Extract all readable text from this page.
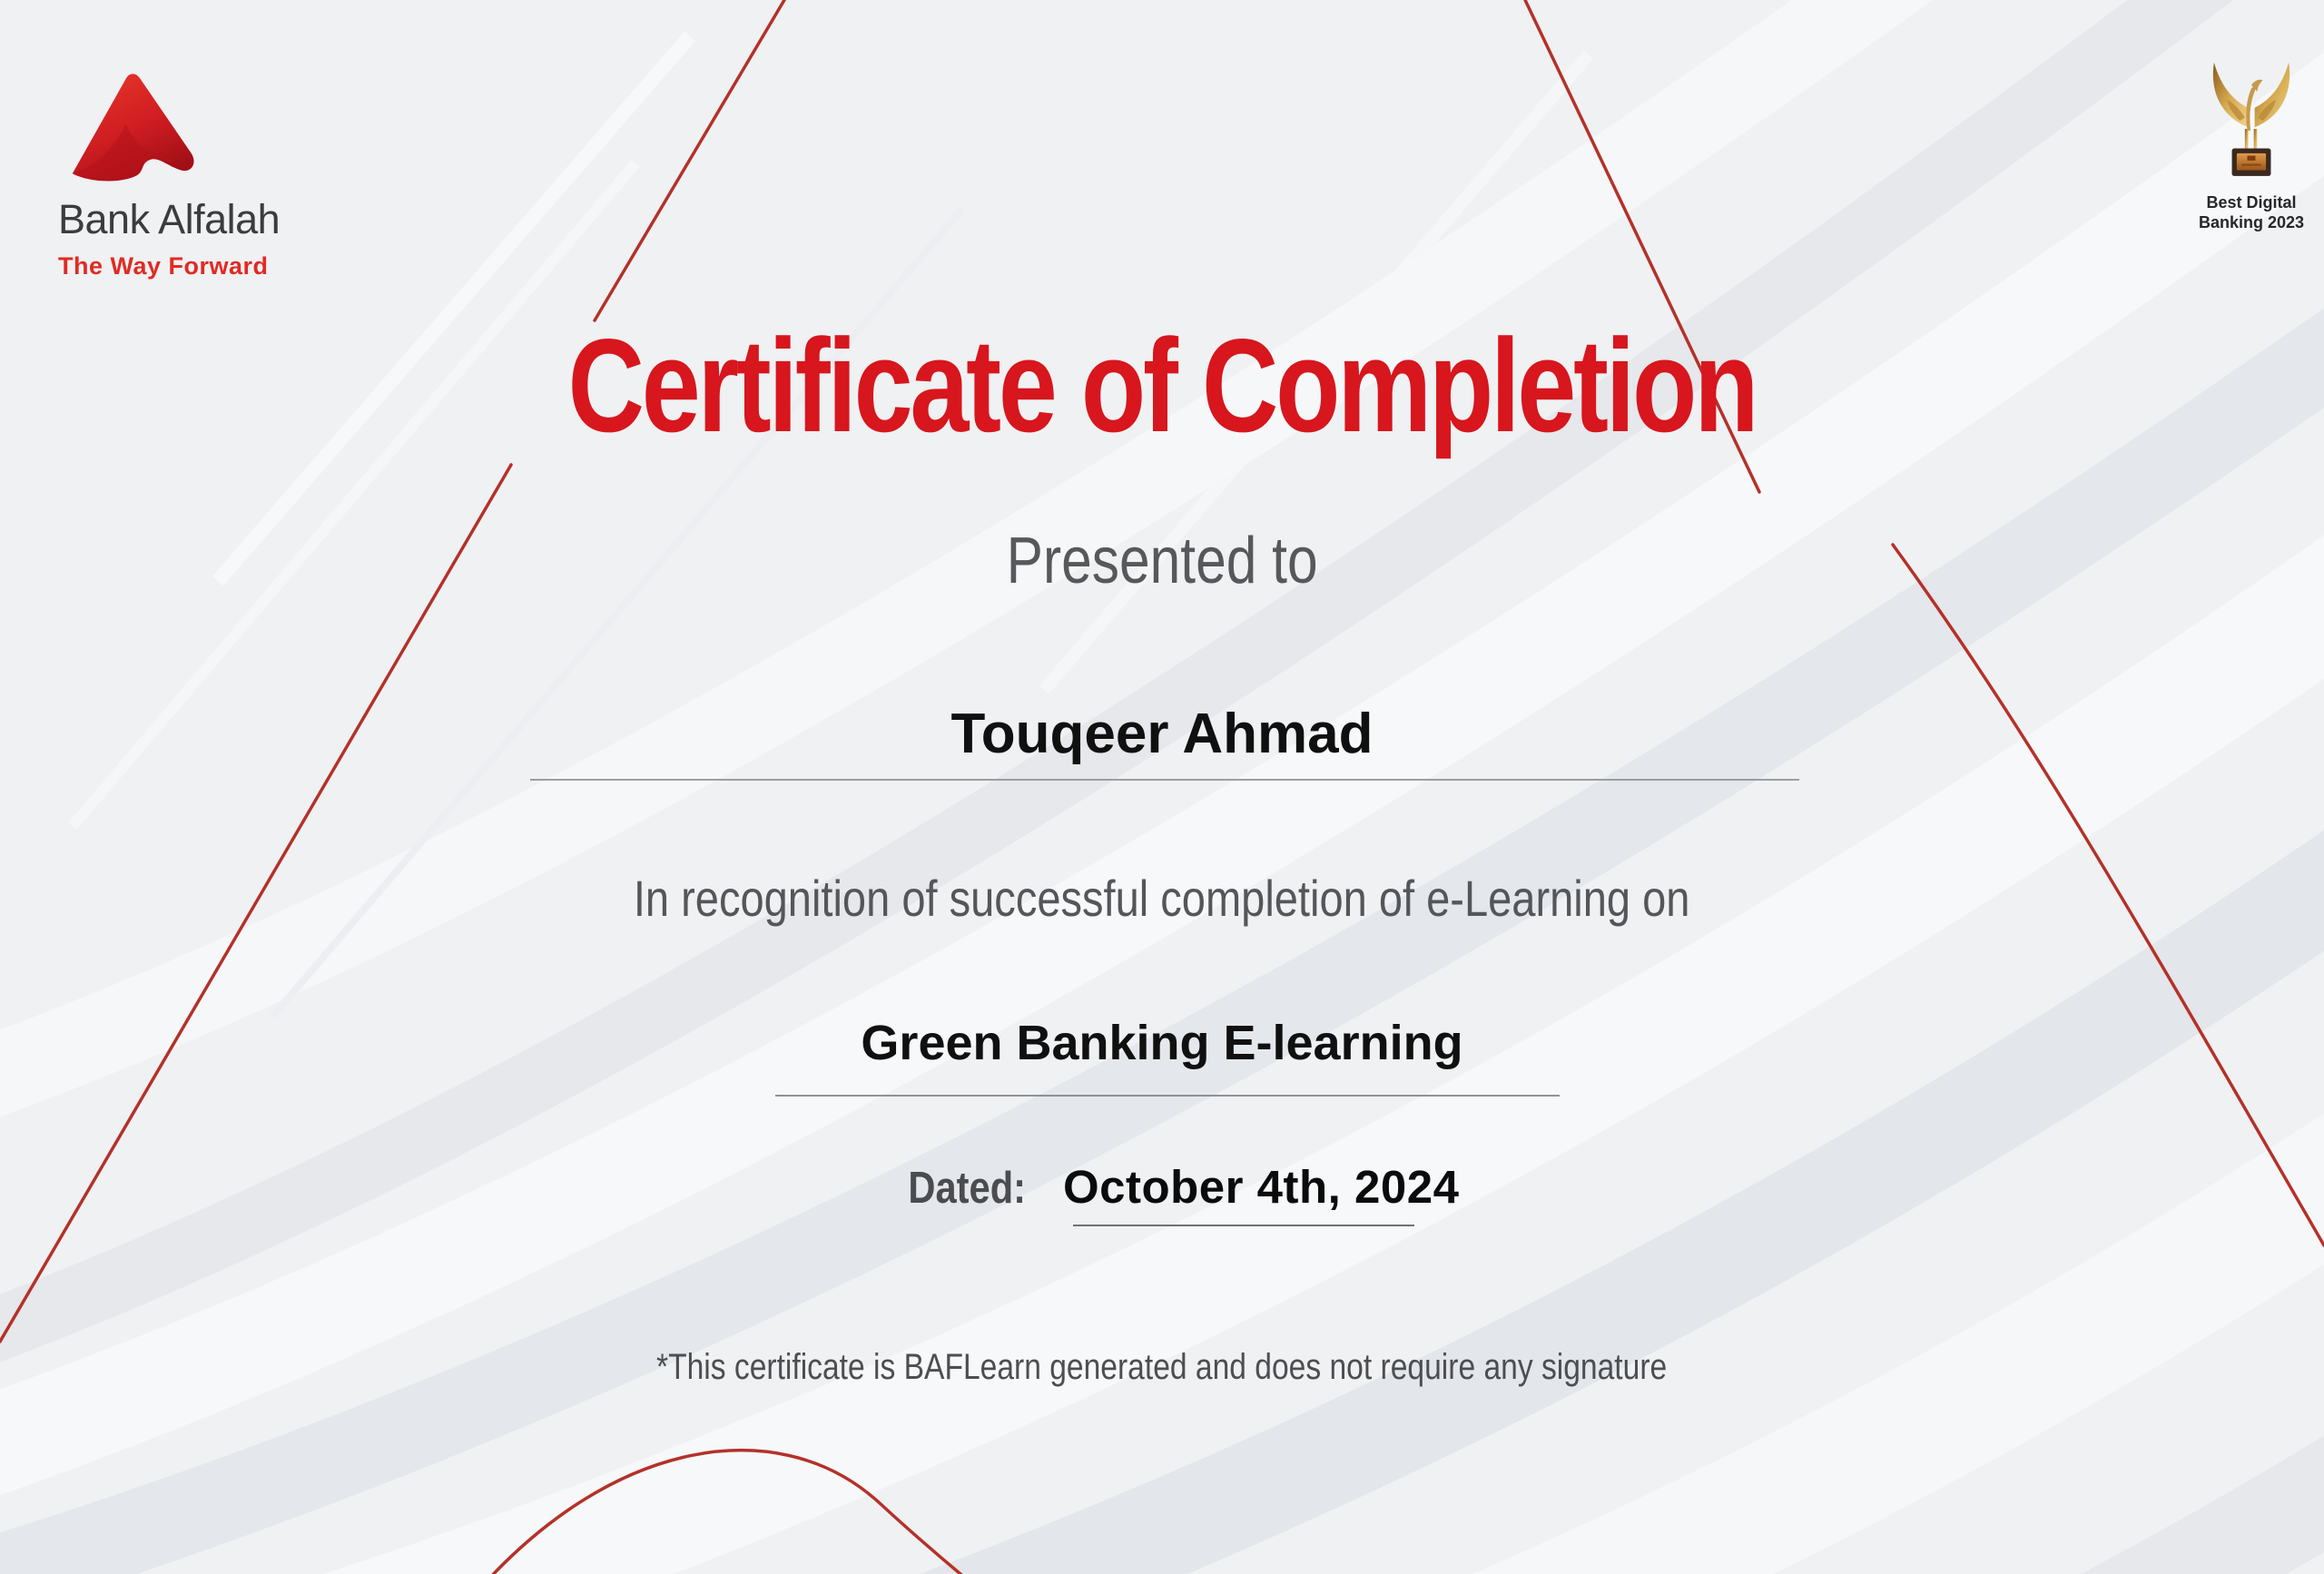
Bank Alfalah
The Way Forward
Best Digital
Banking 2023
Certificate of Completion
Presented to
Touqeer Ahmad
In recognition of successful completion of e-Learning on
Green Banking E-learning
Dated: October 4th, 2024
*This certificate is BAFLearn generated and does not require any signature
